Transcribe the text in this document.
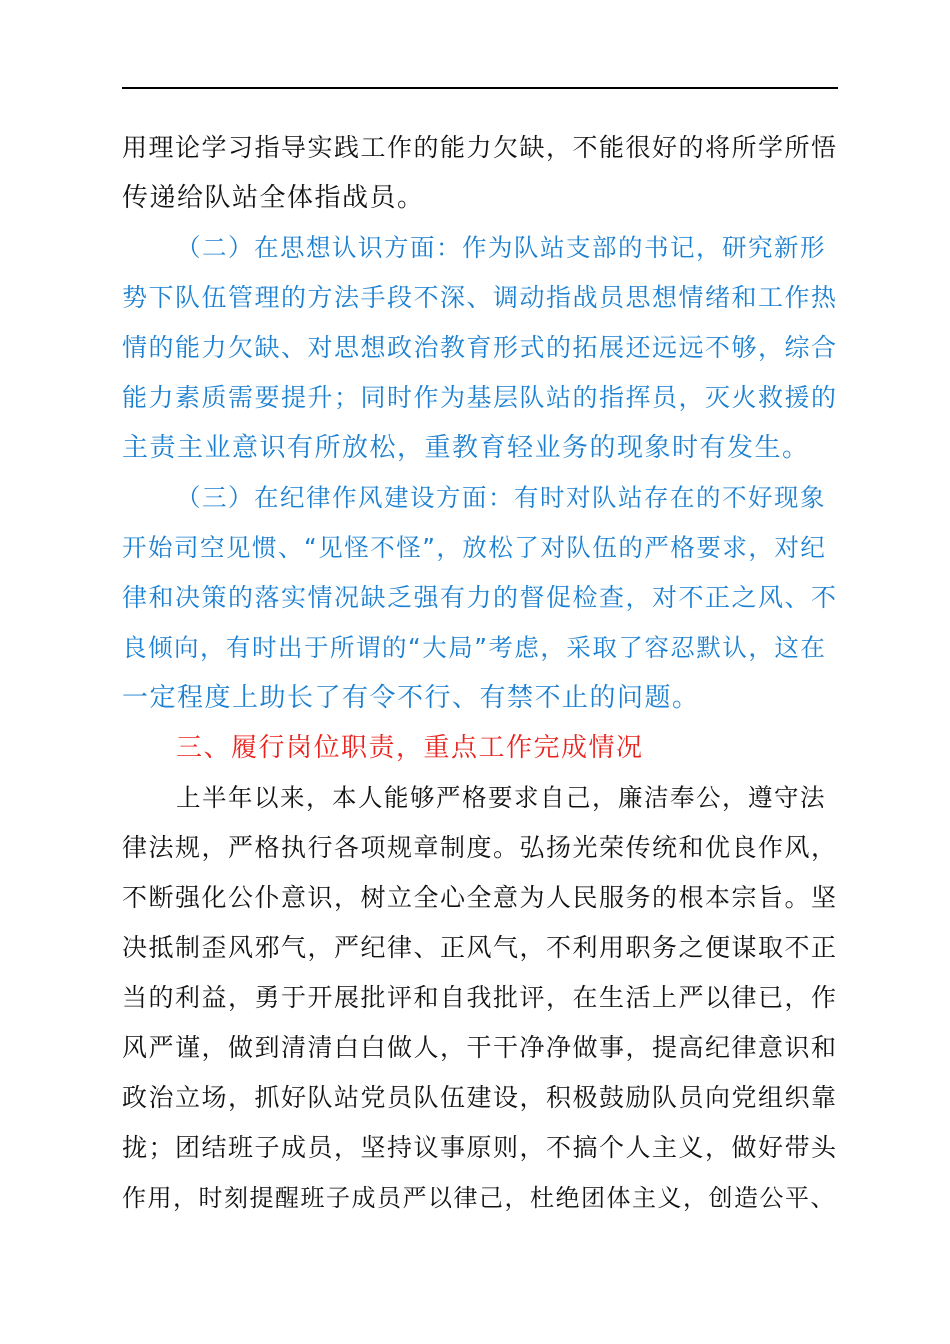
用理论学习指导实践工作的能力欠缺，不能很好的将所学所悟
传递给队站全体指战员。
（二）在思想认识方面：作为队站支部的书记，研究新形
势下队伍管理的方法手段不深、调动指战员思想情绪和工作热
情的能力欠缺、对思想政治教育形式的拓展还远远不够，综合
能力素质需要提升；同时作为基层队站的指挥员，灭火救援的
主责主业意识有所放松，重教育轻业务的现象时有发生。
（三）在纪律作风建设方面：有时对队站存在的不好现象
开始司空见惯、“见怪不怪”，放松了对队伍的严格要求，对纪
律和决策的落实情况缺乏强有力的督促检查，对不正之风、不
良倾向，有时出于所谓的“大局”考虑，采取了容忍默认，这在
一定程度上助长了有令不行、有禁不止的问题。
三、履行岗位职责，重点工作完成情况
上半年以来，本人能够严格要求自己，廉洁奉公，遵守法
律法规，严格执行各项规章制度。弘扬光荣传统和优良作风，
不断强化公仆意识，树立全心全意为人民服务的根本宗旨。坚
决抵制歪风邪气，严纪律、正风气，不利用职务之便谋取不正
当的利益，勇于开展批评和自我批评，在生活上严以律已，作
风严谨，做到清清白白做人，干干净净做事，提高纪律意识和
政治立场，抓好队站党员队伍建设，积极鼓励队员向党组织靠
拢；团结班子成员，坚持议事原则，不搞个人主义，做好带头
作用，时刻提醒班子成员严以律己，杜绝团体主义，创造公平、
